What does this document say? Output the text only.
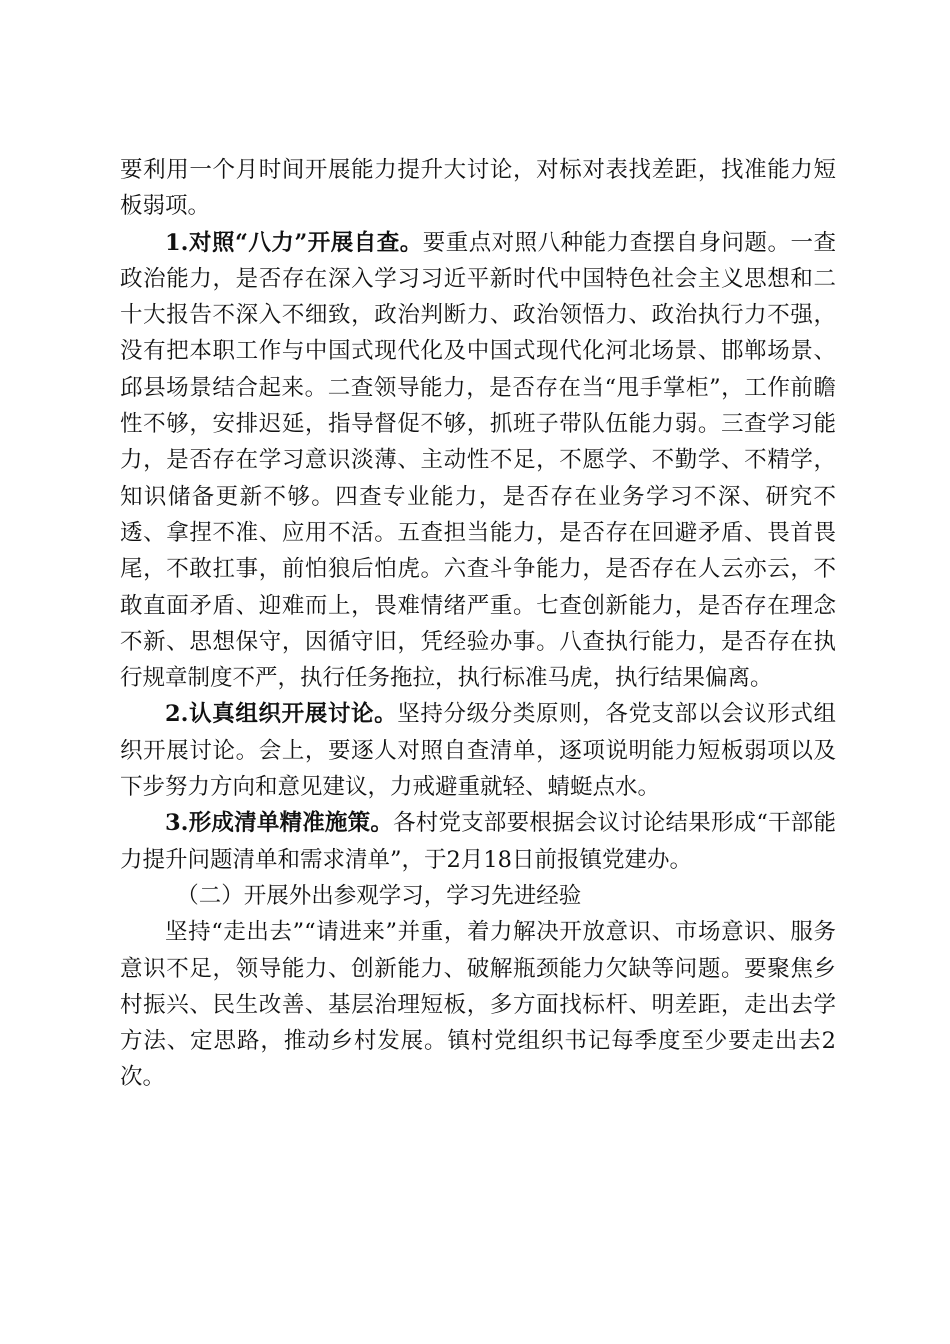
要利用一个月时间开展能力提升大讨论，对标对表找差距，找准能力短板弱项。

1.对照“八力”开展自查。要重点对照八种能力查摆自身问题。一查政治能力，是否存在深入学习习近平新时代中国特色社会主义思想和二十大报告不深入不细致，政治判断力、政治领悟力、政治执行力不强，没有把本职工作与中国式现代化及中国式现代化河北场景、邯郸场景、邱县场景结合起来。二查领导能力，是否存在当“甩手掌柜”，工作前瞻性不够，安排迟延，指导督促不够，抓班子带队伍能力弱。三查学习能力，是否存在学习意识淡薄、主动性不足，不愿学、不勤学、不精学，知识储备更新不够。四查专业能力，是否存在业务学习不深、研究不透、拿捏不准、应用不活。五查担当能力，是否存在回避矛盾、畏首畏尾，不敢扛事，前怕狼后怕虎。六查斗争能力，是否存在人云亦云，不敢直面矛盾、迎难而上，畏难情绪严重。七查创新能力，是否存在理念不新、思想保守，因循守旧，凭经验办事。八查执行能力，是否存在执行规章制度不严，执行任务拖拉，执行标准马虎，执行结果偏离。

2.认真组织开展讨论。坚持分级分类原则，各党支部以会议形式组织开展讨论。会上，要逐人对照自查清单，逐项说明能力短板弱项以及下步努力方向和意见建议，力戒避重就轻、蜻蜓点水。

3.形成清单精准施策。各村党支部要根据会议讨论结果形成“干部能力提升问题清单和需求清单”，于2月18日前报镇党建办。

（二）开展外出参观学习，学习先进经验

坚持“走出去”“请进来”并重，着力解决开放意识、市场意识、服务意识不足，领导能力、创新能力、破解瓶颈能力欠缺等问题。要聚焦乡村振兴、民生改善、基层治理短板，多方面找标杆、明差距，走出去学方法、定思路，推动乡村发展。镇村党组织书记每季度至少要走出去2次。
